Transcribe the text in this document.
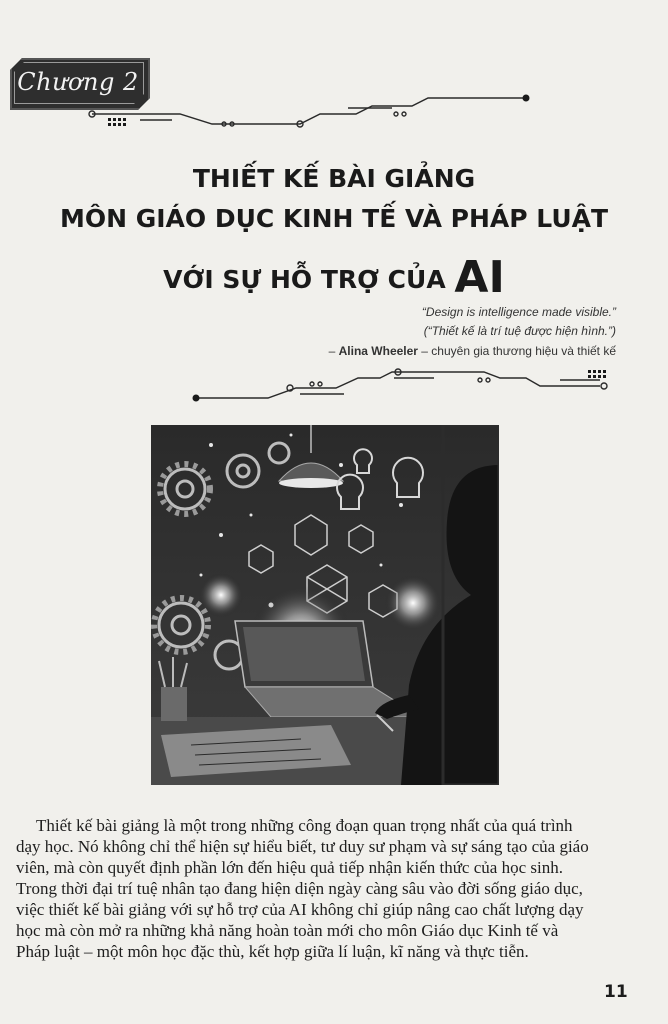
Chương 2
THIẾT KẾ BÀI GIẢNG
MÔN GIÁO DỤC KINH TẾ VÀ PHÁP LUẬT
VỚI SỰ HỖ TRỢ CỦA AI
“Design is intelligence made visible.”
(“Thiết kế là trí tuệ được hiện hình.”)
– Alina Wheeler – chuyên gia thương hiệu và thiết kế
Thiết kế bài giảng là một trong những công đoạn quan trọng nhất của quá trình
dạy học. Nó không chỉ thể hiện sự hiểu biết, tư duy sư phạm và sự sáng tạo của giáo
viên, mà còn quyết định phần lớn đến hiệu quả tiếp nhận kiến thức của học sinh.
Trong thời đại trí tuệ nhân tạo đang hiện diện ngày càng sâu vào đời sống giáo dục,
việc thiết kế bài giảng với sự hỗ trợ của AI không chỉ giúp nâng cao chất lượng dạy
học mà còn mở ra những khả năng hoàn toàn mới cho môn Giáo dục Kinh tế và
Pháp luật – một môn học đặc thù, kết hợp giữa lí luận, kĩ năng và thực tiễn.
11
